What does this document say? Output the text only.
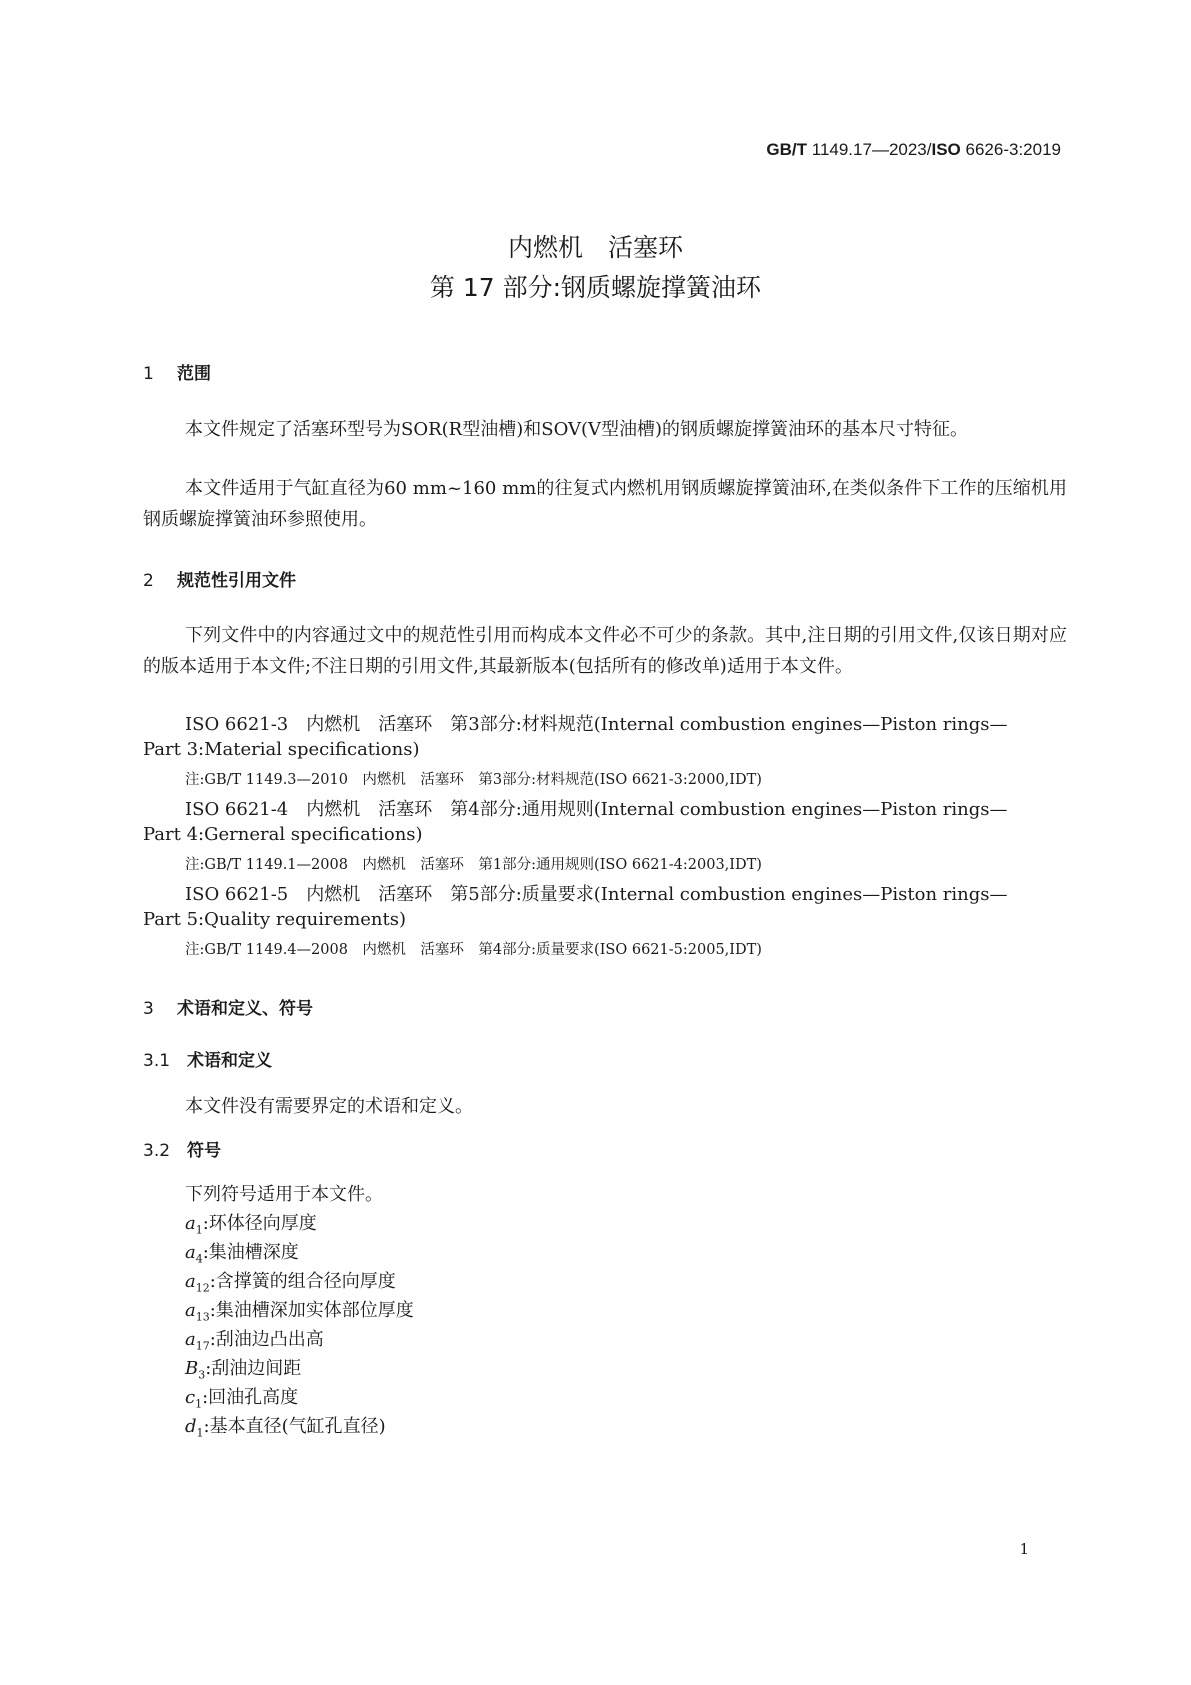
GB/T 1149.17—2023/ISO 6626-3:2019
内燃机　活塞环
第 17 部分:钢质螺旋撑簧油环
1 范围
本文件规定了活塞环型号为SOR(R型油槽)和SOV(V型油槽)的钢质螺旋撑簧油环的基本尺寸特征。
本文件适用于气缸直径为60 mm~160 mm的往复式内燃机用钢质螺旋撑簧油环,在类似条件下工作的压缩机用钢质螺旋撑簧油环参照使用。
2 规范性引用文件
下列文件中的内容通过文中的规范性引用而构成本文件必不可少的条款。其中,注日期的引用文件,仅该日期对应的版本适用于本文件;不注日期的引用文件,其最新版本(包括所有的修改单)适用于本文件。
ISO 6621-3　内燃机　活塞环　第3部分:材料规范(Internal combustion engines—Piston rings—
Part 3:Material specifications)
注:GB/T 1149.3—2010　内燃机　活塞环　第3部分:材料规范(ISO 6621-3:2000,IDT)
ISO 6621-4　内燃机　活塞环　第4部分:通用规则(Internal combustion engines—Piston rings—
Part 4:Gerneral specifications)
注:GB/T 1149.1—2008　内燃机　活塞环　第1部分:通用规则(ISO 6621-4:2003,IDT)
ISO 6621-5　内燃机　活塞环　第5部分:质量要求(Internal combustion engines—Piston rings—
Part 5:Quality requirements)
注:GB/T 1149.4—2008　内燃机　活塞环　第4部分:质量要求(ISO 6621-5:2005,IDT)
3 术语和定义、符号
3.1 术语和定义
本文件没有需要界定的术语和定义。
3.2 符号
下列符号适用于本文件。
$a_1$:环体径向厚度
$a_4$:集油槽深度
$a_{12}$:含撑簧的组合径向厚度
$a_{13}$:集油槽深加实体部位厚度
$a_{17}$:刮油边凸出高
$B_3$:刮油边间距
$c_1$:回油孔高度
$d_1$:基本直径(气缸孔直径)
1
